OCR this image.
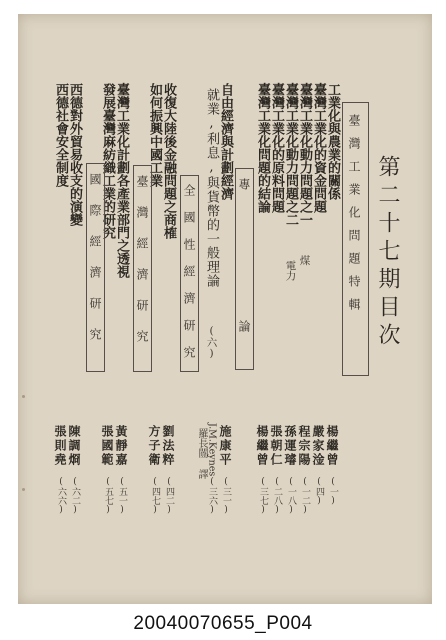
第二十七期目次
臺灣工業化問題特輯
工業化與農業的關係
臺灣工業化的資金問題
臺灣工業化動力問題之一
煤
臺灣工業化動力問題之二
電力
臺灣工業化的原料問題
臺灣工業化問題的結論
楊繼曾
(一)
嚴家淦
(四)
程宗陽
(一二)
孫運璿
(一八)
張朝仁
(二八)
楊繼曾
(三七)
專論
自由經濟與計劃經濟
就業,利息,與貨幣的一般理論
(六)
施康平
(三一)
J.M.Keynes
羅長闓 譯
(三六)
全國性經濟研究
收復大陸後金融問題之商榷
如何振興中國工業
劉法粹
(四二)
方子衛
(四七)
臺灣經濟研究
臺灣工業化計劃各產業部門之透視
發展臺灣麻紡織工業的研究
黃靜嘉
(五一)
張國範
(五七)
國際經濟研究
西德對外貿易收支的演變
西德社會安全制度
陳調烱
(六二)
張則堯
(六六)
20040070655_P004
